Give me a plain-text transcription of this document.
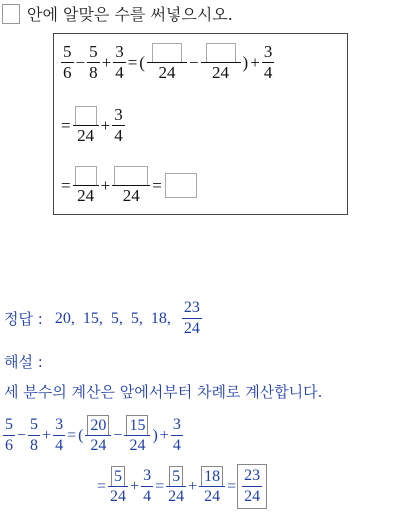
안에 알맞은 수를 써넣으시오.
$\frac{5}{6} - \frac{5}{8} + \frac{3}{4}$ = (
24
−
24
) + $\frac{3}{4}$
=
24
+ $\frac{3}{4}$
=
24
+
24
=
정답 : 20,  15,  5,  5,  18, $\frac{23}{24}$
해설 :
세 분수의 계산은 앞에서부터 차례로 계산합니다.
$\frac{5}{6} - \frac{5}{8} + \frac{3}{4}$ = ( $\frac{20}{24} - \frac{15}{24}$ ) + $\frac{3}{4}$
= $\frac{5}{24} + \frac{3}{4} = \frac{5}{24} + \frac{18}{24} = \frac{23}{24}$
